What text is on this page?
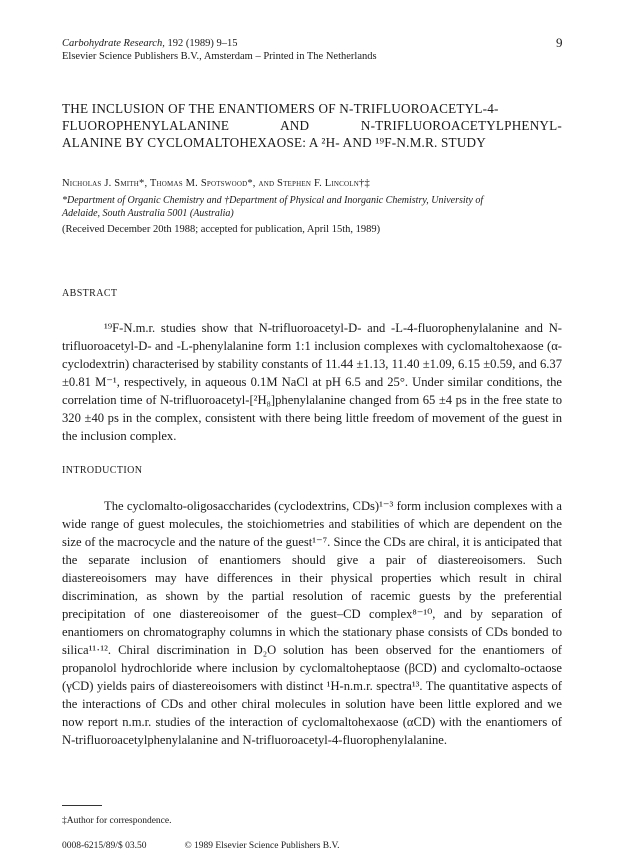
Carbohydrate Research, 192 (1989) 9–15
Elsevier Science Publishers B.V., Amsterdam – Printed in The Netherlands
9
THE INCLUSION OF THE ENANTIOMERS OF N-TRIFLUOROACETYL-4-
FLUOROPHENYLALANINE AND N-TRIFLUOROACETYLPHENYL-
ALANINE BY CYCLOMALTOHEXAOSE: A ²H- AND ¹⁹F-N.M.R. STUDY
Nicholas J. Smith*, Thomas M. Spotswood*, and Stephen F. Lincoln†‡
*Department of Organic Chemistry and †Department of Physical and Inorganic Chemistry, University of
Adelaide, South Australia 5001 (Australia)
(Received December 20th 1988; accepted for publication, April 15th, 1989)
ABSTRACT

¹⁹F-N.m.r. studies show that N-trifluoroacetyl-D- and -L-4-fluorophenylalanine and N-trifluoroacetyl-D- and -L-phenylalanine form 1:1 inclusion complexes with cyclomaltohexaose (α-cyclodextrin) characterised by stability constants of 11.44 ±1.13, 11.40 ±1.09, 6.15 ±0.59, and 6.37 ±0.81 M⁻¹, respectively, in aqueous 0.1M NaCl at pH 6.5 and 25°. Under similar conditions, the correlation time of N-trifluoroacetyl-[²H₈]phenylalanine changed from 65 ±4 ps in the free state to 320 ±40 ps in the complex, consistent with there being little freedom of movement of the guest in the inclusion complex.

INTRODUCTION

The cyclomalto-oligosaccharides (cyclodextrins, CDs)¹⁻³ form inclusion complexes with a wide range of guest molecules, the stoichiometries and stabilities of which are dependent on the size of the macrocycle and the nature of the guest¹⁻⁷. Since the CDs are chiral, it is anticipated that the separate inclusion of enantiomers should give a pair of diastereoisomers. Such diastereoisomers may have differences in their physical properties which result in chiral discrimination, as shown by the partial resolution of racemic guests by the preferential precipitation of one diastereoisomer of the guest–CD complex⁸⁻¹⁰, and by separation of enantiomers on chromatography columns in which the stationary phase consists of CDs bonded to silica¹¹·¹². Chiral discrimination in D₂O solution has been observed for the enantiomers of propanolol hydrochloride where inclusion by cyclomaltoheptaose (βCD) and cyclomalto-octaose (γCD) yields pairs of diastereoisomers with distinct ¹H-n.m.r. spectra¹³. The quantitative aspects of the interactions of CDs and other chiral molecules in solution have been little explored and we now report n.m.r. studies of the interaction of cyclomaltohexaose (αCD) with the enantiomers of N-trifluoroacetylphenylalanine and N-trifluoroacetyl-4-fluorophenylalanine.

‡Author for correspondence.
0008-6215/89/$ 03.50	© 1989 Elsevier Science Publishers B.V.
